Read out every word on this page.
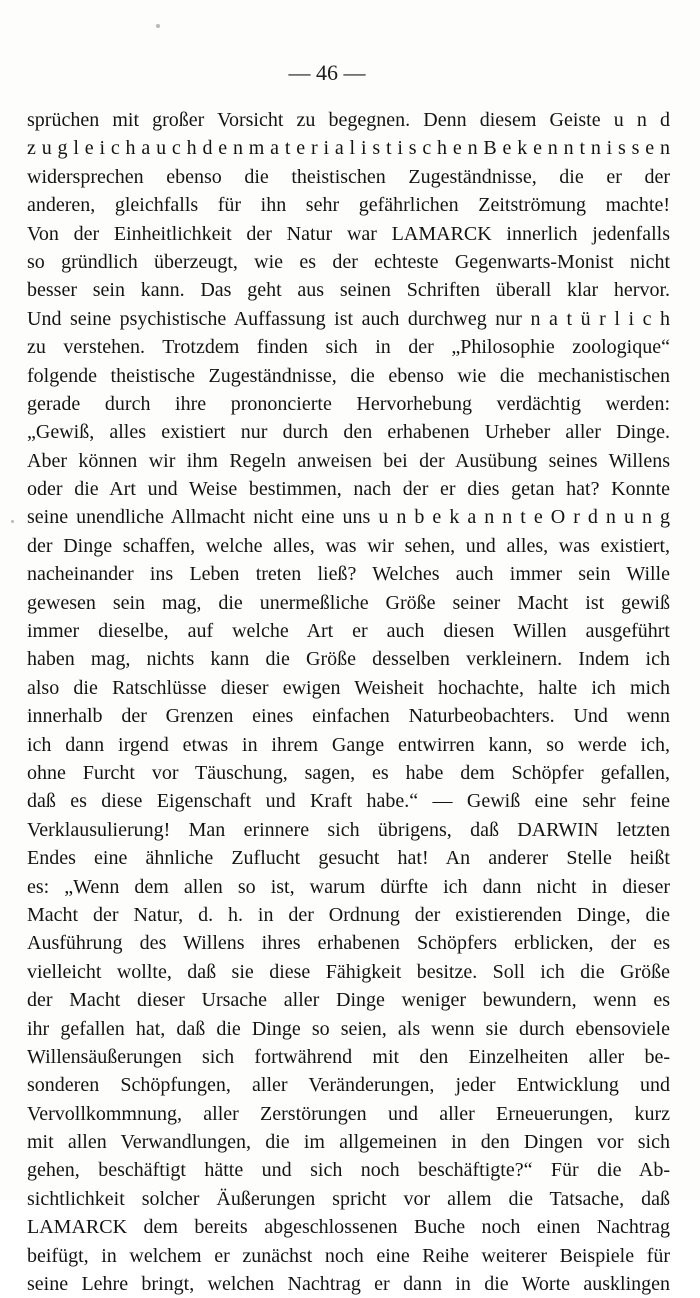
— 46 —
sprüchen mit großer Vorsicht zu begegnen. Denn diesem Geiste u n d
z u g l e i c h a u c h d e n m a t e r i a l i s t i s c h e n B e k e n n t n i s s e n
widersprechen ebenso die theistischen Zugeständnisse, die er der
anderen, gleichfalls für ihn sehr gefährlichen Zeitströmung machte!
Von der Einheitlichkeit der Natur war LAMARCK innerlich jedenfalls
so gründlich überzeugt, wie es der echteste Gegenwarts-Monist nicht
besser sein kann. Das geht aus seinen Schriften überall klar hervor.
Und seine psychistische Auffassung ist auch durchweg nur n a t ü r l i c h
zu verstehen. Trotzdem finden sich in der „Philosophie zoologique“
folgende theistische Zugeständnisse, die ebenso wie die mechanistischen
gerade durch ihre prononcierte Hervorhebung verdächtig werden:
„Gewiß, alles existiert nur durch den erhabenen Urheber aller Dinge.
Aber können wir ihm Regeln anweisen bei der Ausübung seines Willens
oder die Art und Weise bestimmen, nach der er dies getan hat? Konnte
seine unendliche Allmacht nicht eine uns u n b e k a n n t e O r d n u n g
der Dinge schaffen, welche alles, was wir sehen, und alles, was existiert,
nacheinander ins Leben treten ließ? Welches auch immer sein Wille
gewesen sein mag, die unermeßliche Größe seiner Macht ist gewiß
immer dieselbe, auf welche Art er auch diesen Willen ausgeführt
haben mag, nichts kann die Größe desselben verkleinern. Indem ich
also die Ratschlüsse dieser ewigen Weisheit hochachte, halte ich mich
innerhalb der Grenzen eines einfachen Naturbeobachters. Und wenn
ich dann irgend etwas in ihrem Gange entwirren kann, so werde ich,
ohne Furcht vor Täuschung, sagen, es habe dem Schöpfer gefallen,
daß es diese Eigenschaft und Kraft habe.“ — Gewiß eine sehr feine
Verklausulierung! Man erinnere sich übrigens, daß DARWIN letzten
Endes eine ähnliche Zuflucht gesucht hat! An anderer Stelle heißt
es: „Wenn dem allen so ist, warum dürfte ich dann nicht in dieser
Macht der Natur, d. h. in der Ordnung der existierenden Dinge, die
Ausführung des Willens ihres erhabenen Schöpfers erblicken, der es
vielleicht wollte, daß sie diese Fähigkeit besitze. Soll ich die Größe
der Macht dieser Ursache aller Dinge weniger bewundern, wenn es
ihr gefallen hat, daß die Dinge so seien, als wenn sie durch ebensoviele
Willensäußerungen sich fortwährend mit den Einzelheiten aller be-
sonderen Schöpfungen, aller Veränderungen, jeder Entwicklung und
Vervollkommnung, aller Zerstörungen und aller Erneuerungen, kurz
mit allen Verwandlungen, die im allgemeinen in den Dingen vor sich
gehen, beschäftigt hätte und sich noch beschäftigte?“ Für die Ab-
sichtlichkeit solcher Äußerungen spricht vor allem die Tatsache, daß
LAMARCK dem bereits abgeschlossenen Buche noch einen Nachtrag
beifügt, in welchem er zunächst noch eine Reihe weiterer Beispiele für
seine Lehre bringt, welchen Nachtrag er dann in die Worte ausklingen
